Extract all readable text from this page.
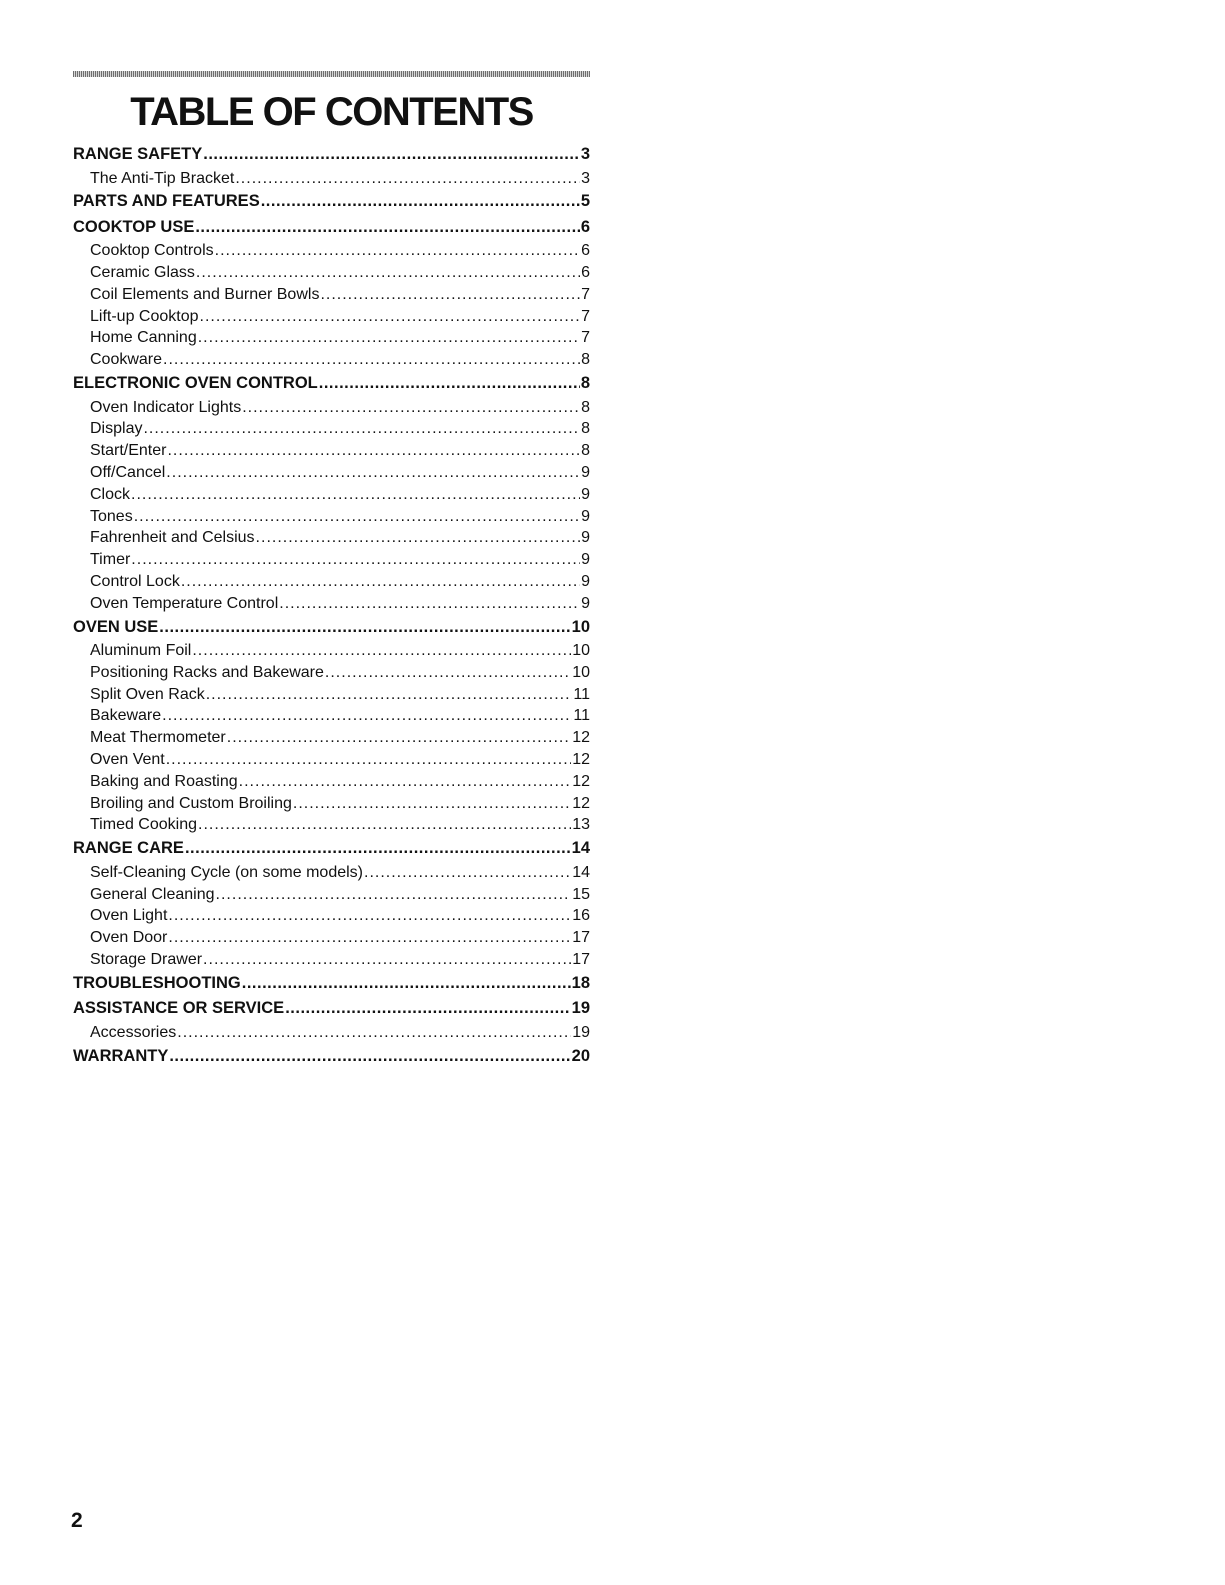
TABLE OF CONTENTS
RANGE SAFETY .....	3
The Anti-Tip Bracket .....	3
PARTS AND FEATURES .....	5
COOKTOP USE .....	6
Cooktop Controls .....	6
Ceramic Glass .....	6
Coil Elements and Burner Bowls .....	7
Lift-up Cooktop .....	7
Home Canning .....	7
Cookware .....	8
ELECTRONIC OVEN CONTROL .....	8
Oven Indicator Lights .....	8
Display .....	8
Start/Enter .....	8
Off/Cancel .....	9
Clock .....	9
Tones .....	9
Fahrenheit and Celsius .....	9
Timer .....	9
Control Lock .....	9
Oven Temperature Control .....	9
OVEN USE .....	10
Aluminum Foil .....	10
Positioning Racks and Bakeware .....	10
Split Oven Rack .....	11
Bakeware .....	11
Meat Thermometer .....	12
Oven Vent .....	12
Baking and Roasting .....	12
Broiling and Custom Broiling .....	12
Timed Cooking .....	13
RANGE CARE .....	14
Self-Cleaning Cycle (on some models) .....	14
General Cleaning .....	15
Oven Light .....	16
Oven Door .....	17
Storage Drawer .....	17
TROUBLESHOOTING .....	18
ASSISTANCE OR SERVICE .....	19
Accessories .....	19
WARRANTY .....	20
2
